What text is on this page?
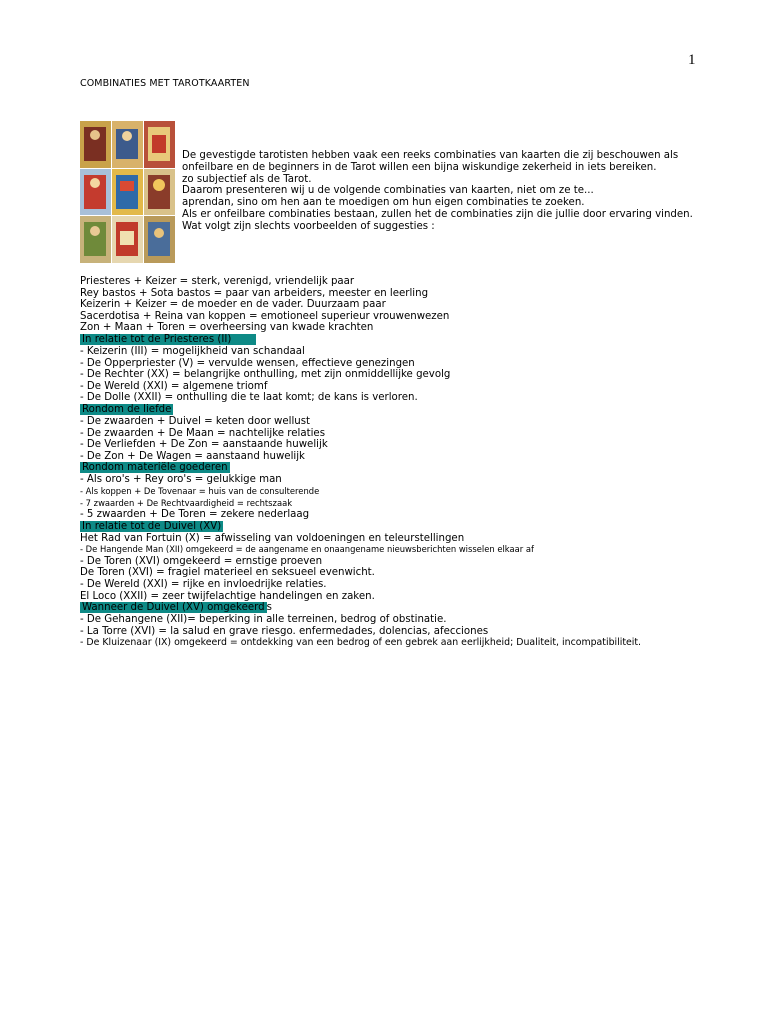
1
COMBINATIES MET TAROTKAARTEN
De gevestigde tarotisten hebben vaak een reeks combinaties van kaarten die zij beschouwen als
onfeilbare en de beginners in de Tarot willen een bijna wiskundige zekerheid in iets bereiken.
zo subjectief als de Tarot.
Daarom presenteren wij u de volgende combinaties van kaarten, niet om ze te...
aprendan, sino om hen aan te moedigen om hun eigen combinaties te zoeken.
Als er onfeilbare combinaties bestaan, zullen het de combinaties zijn die jullie door ervaring vinden.
Wat volgt zijn slechts voorbeelden of suggesties :
Priesteres + Keizer = sterk, verenigd, vriendelijk paar
Rey bastos + Sota bastos = paar van arbeiders, meester en leerling
Keizerin + Keizer = de moeder en de vader. Duurzaam paar
Sacerdotisa + Reina van koppen = emotioneel superieur vrouwenwezen
Zon + Maan + Toren = overheersing van kwade krachten
In relatie tot de Priesteres (II)
- Keizerin (III) = mogelijkheid van schandaal
- De Opperpriester (V) = vervulde wensen, effectieve genezingen
- De Rechter (XX) = belangrijke onthulling, met zijn onmiddellijke gevolg
- De Wereld (XXI) = algemene triomf
- De Dolle (XXII) = onthulling die te laat komt; de kans is verloren.
Rondom de liefde
- De zwaarden + Duivel = keten door wellust
- De zwaarden + De Maan = nachtelijke relaties
- De Verliefden + De Zon = aanstaande huwelijk
- De Zon + De Wagen = aanstaand huwelijk
Rondom materiële goederen
- Als oro's + Rey oro's = gelukkige man
- Als koppen + De Tovenaar = huis van de consulterende
- 7 zwaarden + De Rechtvaardigheid = rechtszaak
- 5 zwaarden + De Toren = zekere nederlaag
In relatie tot de Duivel (XV)
Het Rad van Fortuin (X) = afwisseling van voldoeningen en teleurstellingen
- De Hangende Man (XII) omgekeerd = de aangename en onaangename nieuwsberichten wisselen elkaar af
- De Toren (XVI) omgekeerd = ernstige proeven
De Toren (XVI) = fragiel materieel en seksueel evenwicht.
- De Wereld (XXI) = rijke en invloedrijke relaties.
El Loco (XXII) = zeer twijfelachtige handelingen en zaken.
Wanneer de Duivel (XV) omgekeerds
- De Gehangene (XII)= beperking in alle terreinen, bedrog of obstinatie.
- La Torre (XVI) = la salud en grave riesgo. enfermedades, dolencias, afecciones
- De Kluizenaar (IX) omgekeerd = ontdekking van een bedrog of een gebrek aan eerlijkheid; Dualiteit, incompatibiliteit.
